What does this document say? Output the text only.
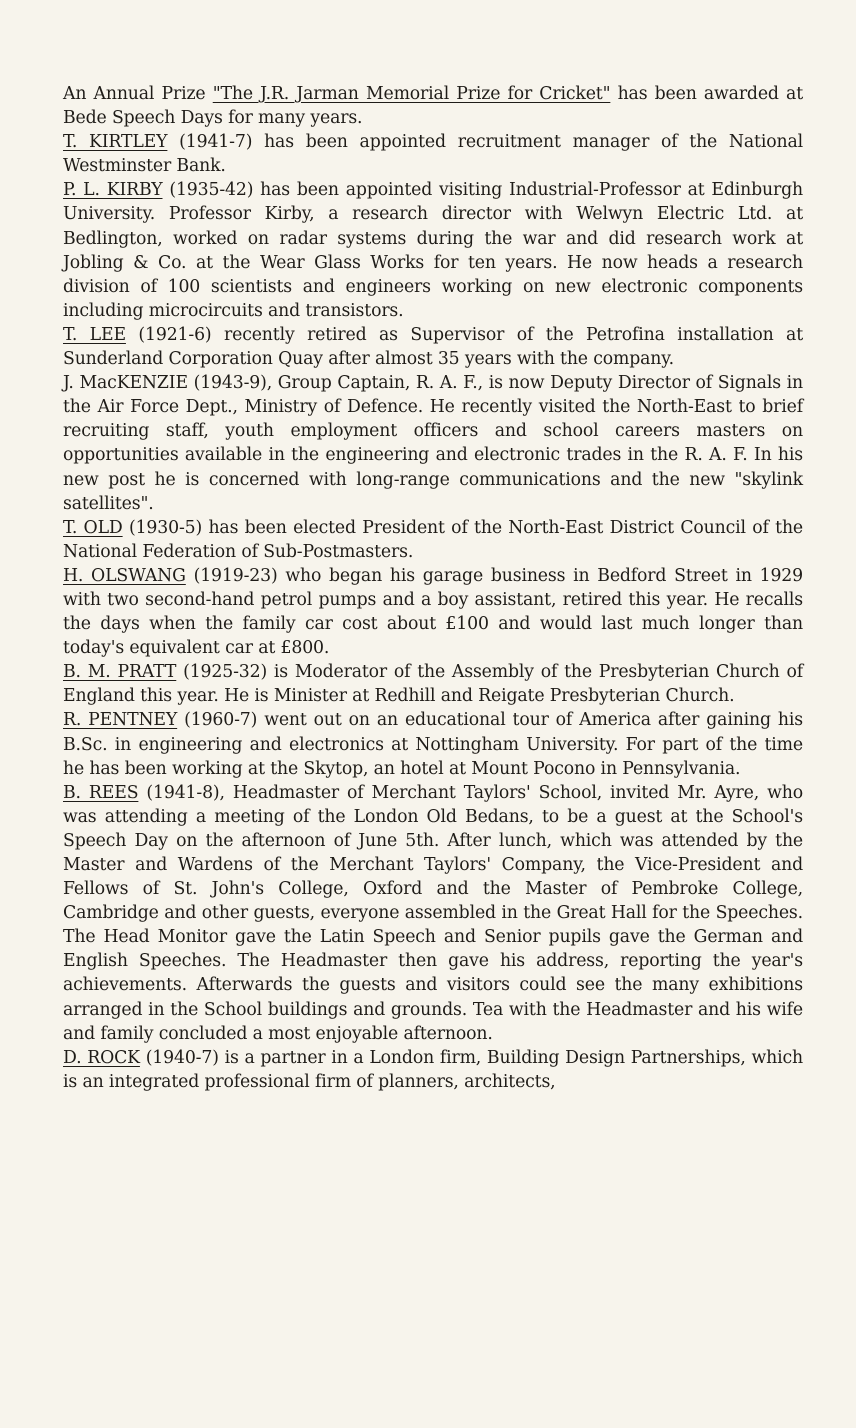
An Annual Prize "The J.R. Jarman Memorial Prize for Cricket" has been awarded at Bede Speech Days for many years.

T. KIRTLEY (1941-7) has been appointed recruitment manager of the National Westminster Bank.

P. L. KIRBY (1935-42) has been appointed visiting Industrial-Professor at Edinburgh University. Professor Kirby, a research director with Welwyn Electric Ltd. at Bedlington, worked on radar systems during the war and did research work at Jobling & Co. at the Wear Glass Works for ten years. He now heads a research division of 100 scientists and engineers working on new electronic components including microcircuits and transistors.

T. LEE (1921-6) recently retired as Supervisor of the Petrofina installation at Sunderland Corporation Quay after almost 35 years with the company.

J. MacKENZIE (1943-9), Group Captain, R. A. F., is now Deputy Director of Signals in the Air Force Dept., Ministry of Defence. He recently visited the North-East to brief recruiting staff, youth employment officers and school careers masters on opportunities available in the engineering and electronic trades in the R. A. F. In his new post he is concerned with long-range communications and the new "skylink satellites".

T. OLD (1930-5) has been elected President of the North-East District Council of the National Federation of Sub-Postmasters.

H. OLSWANG (1919-23) who began his garage business in Bedford Street in 1929 with two second-hand petrol pumps and a boy assistant, retired this year. He recalls the days when the family car cost about £100 and would last much longer than today's equivalent car at £800.

B. M. PRATT (1925-32) is Moderator of the Assembly of the Presbyterian Church of England this year. He is Minister at Redhill and Reigate Presbyterian Church.

R. PENTNEY (1960-7) went out on an educational tour of America after gaining his B.Sc. in engineering and electronics at Nottingham University. For part of the time he has been working at the Skytop, an hotel at Mount Pocono in Pennsylvania.

B. REES (1941-8), Headmaster of Merchant Taylors' School, invited Mr. Ayre, who was attending a meeting of the London Old Bedans, to be a guest at the School's Speech Day on the afternoon of June 5th. After lunch, which was attended by the Master and Wardens of the Merchant Taylors' Company, the Vice-President and Fellows of St. John's College, Oxford and the Master of Pembroke College, Cambridge and other guests, everyone assembled in the Great Hall for the Speeches. The Head Monitor gave the Latin Speech and Senior pupils gave the German and English Speeches. The Headmaster then gave his address, reporting the year's achievements. Afterwards the guests and visitors could see the many exhibitions arranged in the School buildings and grounds. Tea with the Headmaster and his wife and family concluded a most enjoyable afternoon.

D. ROCK (1940-7) is a partner in a London firm, Building Design Partnerships, which is an integrated professional firm of planners, architects,
